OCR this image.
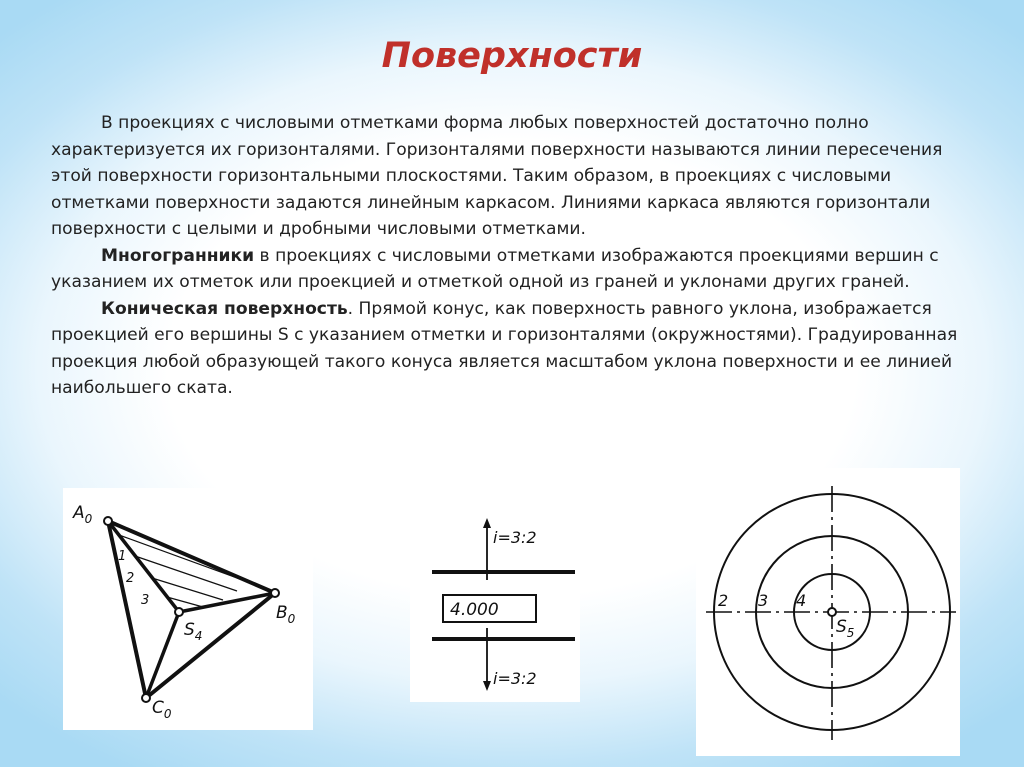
Поверхности

В проекциях с числовыми отметками форма любых поверхностей достаточно полно характеризуется их горизонталями. Горизонталями поверхности называются линии пересечения этой поверхности горизонтальными плоскостями. Таким образом, в проекциях с числовыми отметками поверхности задаются линейным каркасом. Линиями каркаса являются горизонтали поверхности с целыми и дробными числовыми отметками.

Многогранники в проекциях с числовыми отметками изображаются проекциями вершин с указанием их отметок или проекцией и отметкой одной из граней и уклонами других граней.

Коническая поверхность. Прямой конус, как поверхность равного уклона, изображается проекцией его вершины S с указанием отметки и горизонталями (окружностями). Градуированная проекция любой образующей такого конуса является масштабом уклона поверхности и ее линией наибольшего ската.

$A_0$
$B_0$
$C_0$
$S_4$
1
2
3	4.000
i=3:2
i=3:2
2 3 4
$S_5$
